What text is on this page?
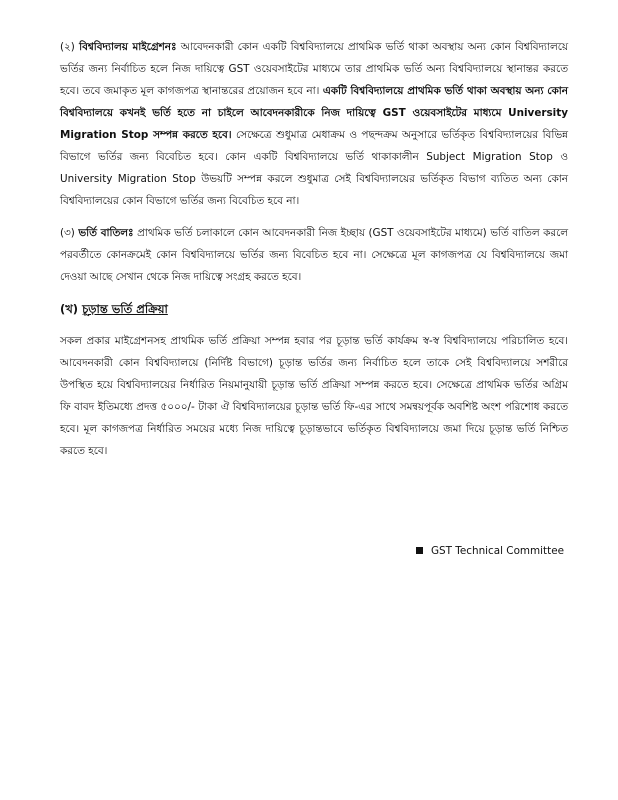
(২) বিশ্ববিদ্যালয় মাইগ্রেশনঃ আবেদনকারী কোন একটি বিশ্ববিদ্যালয়ে প্রাথমিক ভর্তি থাকা অবস্থায় অন্য কোন বিশ্ববিদ্যালয়ে ভর্তির জন্য নির্বাচিত হলে নিজ দায়িত্বে GST ওয়েবসাইটের মাধ্যমে তার প্রাথমিক ভর্তি অন্য বিশ্ববিদ্যালয়ে স্থানান্তর করতে হবে। তবে জমাকৃত মূল কাগজপত্র স্থানান্তরের প্রয়োজন হবে না। একটি বিশ্ববিদ্যালয়ে প্রাথমিক ভর্তি থাকা অবস্থায় অন্য কোন বিশ্ববিদ্যালয়ে কখনই ভর্তি হতে না চাইলে আবেদনকারীকে নিজ দায়িত্বে GST ওয়েবসাইটের মাধ্যমে University Migration Stop সম্পন্ন করতে হবে। সেক্ষেত্রে শুধুমাত্র মেধাক্রম ও পছন্দক্রম অনুসারে ভর্তিকৃত বিশ্ববিদ্যালয়ের বিভিন্ন বিভাগে ভর্তির জন্য বিবেচিত হবে। কোন একটি বিশ্ববিদ্যালয়ে ভর্তি থাকাকালীন Subject Migration Stop ও University Migration Stop উভয়টি সম্পন্ন করলে শুধুমাত্র সেই বিশ্ববিদ্যালয়ের ভর্তিকৃত বিভাগ ব্যতিত অন্য কোন বিশ্ববিদ্যালয়ের কোন বিভাগে ভর্তির জন্য বিবেচিত হবে না।

(৩) ভর্তি বাতিলঃ প্রাথমিক ভর্তি চলাকালে কোন আবেদনকারী নিজ ইচ্ছায় (GST ওয়েবসাইটের মাধ্যমে) ভর্তি বাতিল করলে পরবর্তীতে কোনক্রমেই কোন বিশ্ববিদ্যালয়ে ভর্তির জন্য বিবেচিত হবে না। সেক্ষেত্রে মূল কাগজপত্র যে বিশ্ববিদ্যালয়ে জমা দেওয়া আছে সেখান থেকে নিজ দায়িত্বে সংগ্রহ করতে হবে।

(খ) চূড়ান্ত ভর্তি প্রক্রিয়া

সকল প্রকার মাইগ্রেশনসহ প্রাথমিক ভর্তি প্রক্রিয়া সম্পন্ন হবার পর চূড়ান্ত ভর্তি কার্যক্রম স্ব-স্ব বিশ্ববিদ্যালয়ে পরিচালিত হবে। আবেদনকারী কোন বিশ্ববিদ্যালয়ে (নির্দিষ্ট বিভাগে) চূড়ান্ত ভর্তির জন্য নির্বাচিত হলে তাকে সেই বিশ্ববিদ্যালয়ে সশরীরে উপস্থিত হয়ে বিশ্ববিদ্যালয়ের নির্ধারিত নিয়মানুযায়ী চূড়ান্ত ভর্তি প্রক্রিয়া সম্পন্ন করতে হবে। সেক্ষেত্রে প্রাথমিক ভর্তির অগ্রিম ফি বাবদ ইতিমধ্যে প্রদত্ত ৫০০০/- টাকা ঐ বিশ্ববিদ্যালয়ের চূড়ান্ত ভর্তি ফি-এর সাথে সমন্বয়পূর্বক অবশিষ্ট অংশ পরিশোধ করতে হবে। মূল কাগজপত্র নির্ধারিত সময়ের মধ্যে নিজ দায়িত্বে চূড়ান্তভাবে ভর্তিকৃত বিশ্ববিদ্যালয়ে জমা দিয়ে চূড়ান্ত ভর্তি নিশ্চিত করতে হবে।

GST Technical Committee
